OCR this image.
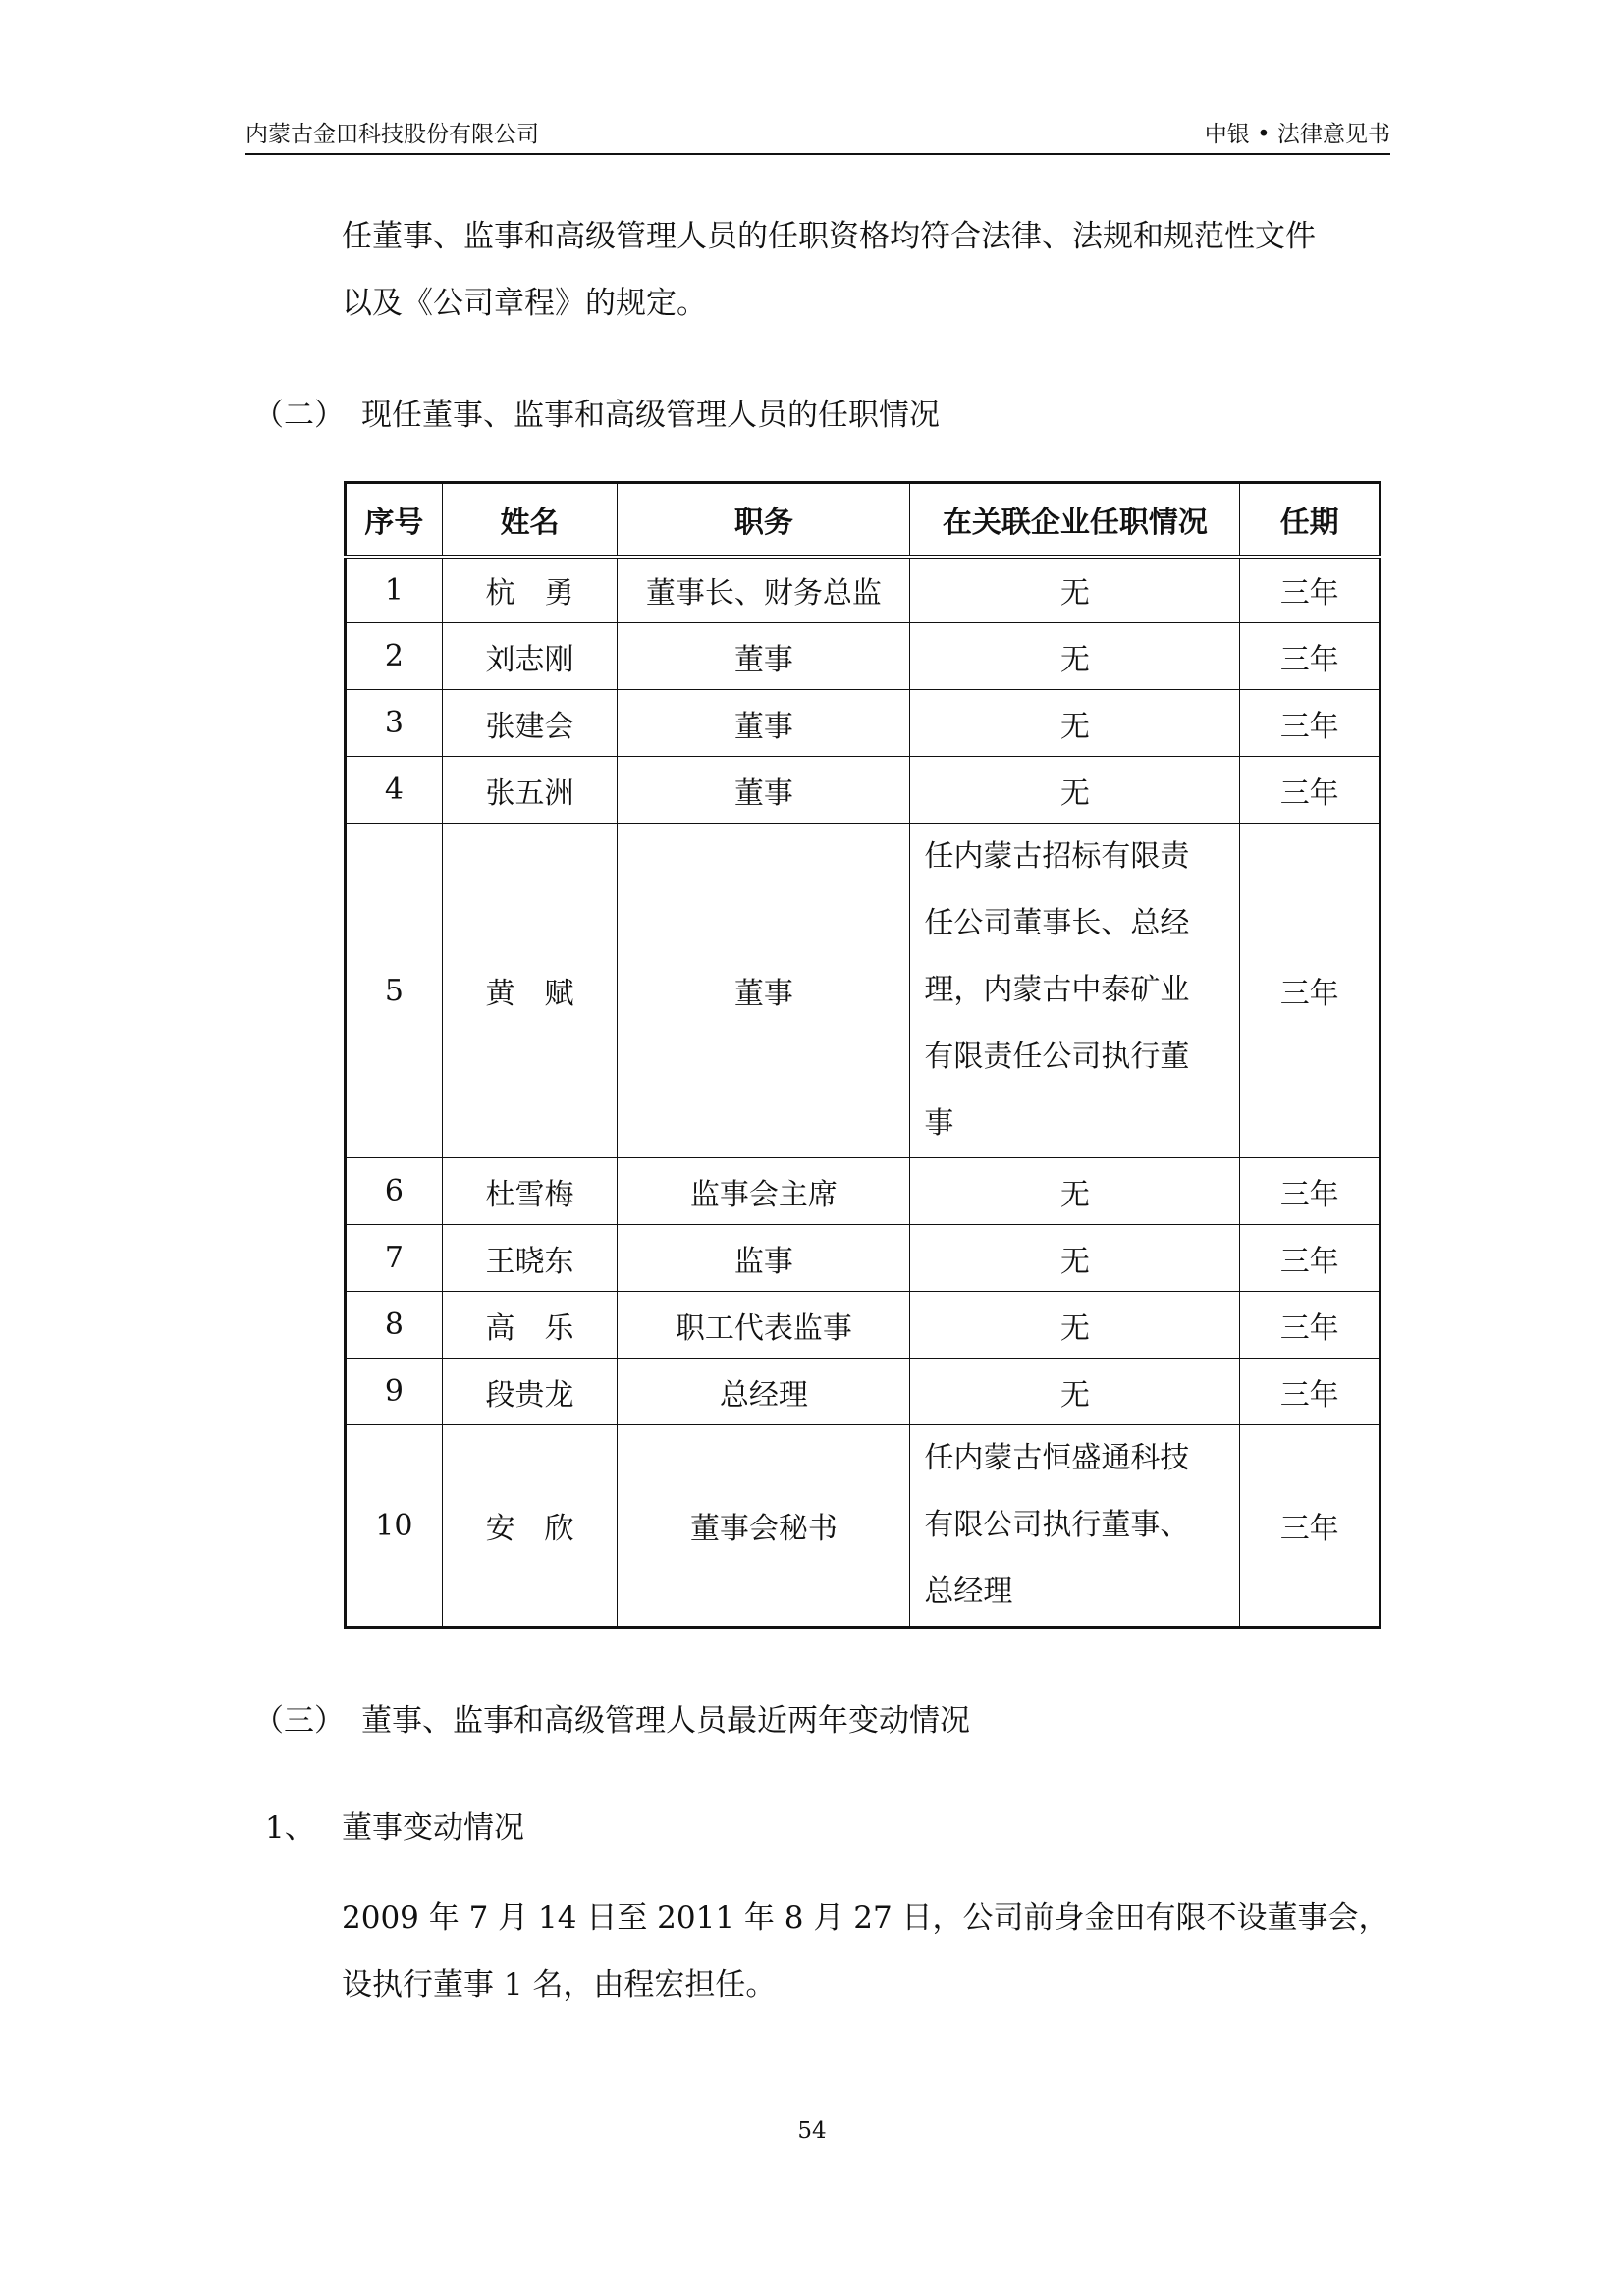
内蒙古金田科技股份有限公司	中银 • 法律意见书
任董事、监事和高级管理人员的任职资格均符合法律、法规和规范性文件
以及《公司章程》的规定。
（二） 现任董事、监事和高级管理人员的任职情况
序号	姓名	职务	在关联企业任职情况	任期
1	杭　勇	董事长、财务总监	无	三年
2	刘志刚	董事	无	三年
3	张建会	董事	无	三年
4	张五洲	董事	无	三年
5	黄　赋	董事	任内蒙古招标有限责
任公司董事长、总经
理，内蒙古中泰矿业
有限责任公司执行董
事	三年
6	杜雪梅	监事会主席	无	三年
7	王晓东	监事	无	三年
8	高　乐	职工代表监事	无	三年
9	段贵龙	总经理	无	三年
10	安　欣	董事会秘书	任内蒙古恒盛通科技
有限公司执行董事、
总经理	三年
（三） 董事、监事和高级管理人员最近两年变动情况
1、 董事变动情况
2009 年 7 月 14 日至 2011 年 8 月 27 日，公司前身金田有限不设董事会，
设执行董事 1 名，由程宏担任。
54
